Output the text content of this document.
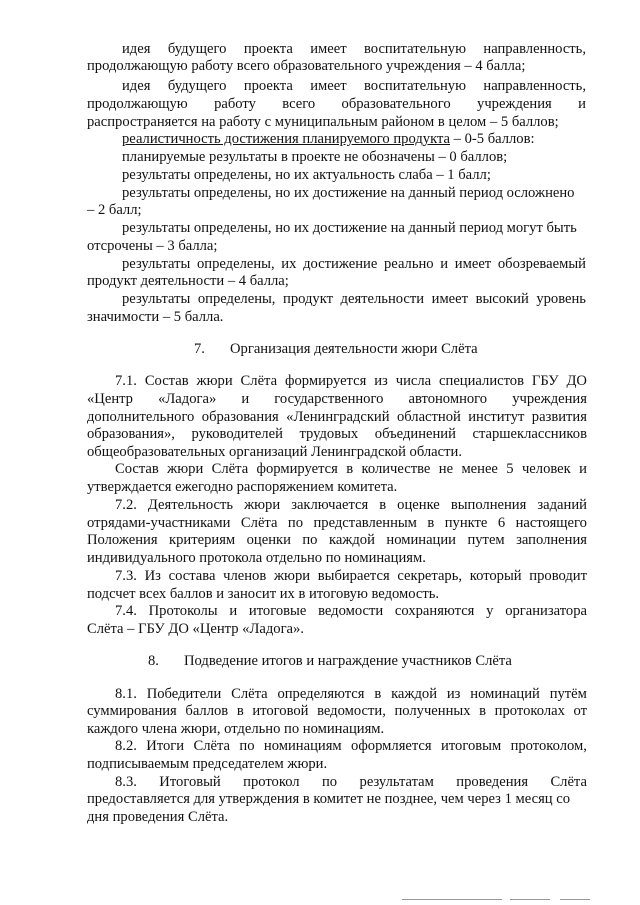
идея будущего проекта имеет воспитательную направленность,
продолжающую работу всего образовательного учреждения – 4 балла;
идея будущего проекта имеет воспитательную направленность,
продолжающую работу всего образовательного учреждения и
распространяется на работу с муниципальным районом в целом – 5 баллов;
реалистичность достижения планируемого продукта – 0-5 баллов:
планируемые результаты в проекте не обозначены – 0 баллов;
результаты определены, но их актуальность слаба – 1 балл;
результаты определены, но их достижение на данный период осложнено
– 2 балл;
результаты определены, но их достижение на данный период могут быть
отсрочены – 3 балла;
результаты определены, их достижение реально и имеет обозреваемый
продукт деятельности – 4 балла;
результаты определены, продукт деятельности имеет высокий уровень
значимости – 5 балла.
7. Организация деятельности жюри Слёта
7.1. Состав жюри Слёта формируется из числа специалистов ГБУ ДО
«Центр «Ладога» и государственного автономного учреждения
дополнительного образования «Ленинградский областной институт развития
образования», руководителей трудовых объединений старшеклассников
общеобразовательных организаций Ленинградской области.
Состав жюри Слёта формируется в количестве не менее 5 человек и
утверждается ежегодно распоряжением комитета.
7.2. Деятельность жюри заключается в оценке выполнения заданий
отрядами-участниками Слёта по представленным в пункте 6 настоящего
Положения критериям оценки по каждой номинации путем заполнения
индивидуального протокола отдельно по номинациям.
7.3. Из состава членов жюри выбирается секретарь, который проводит
подсчет всех баллов и заносит их в итоговую ведомость.
7.4. Протоколы и итоговые ведомости сохраняются у организатора
Слёта – ГБУ ДО «Центр «Ладога».
8. Подведение итогов и награждение участников Слёта
8.1. Победители Слёта определяются в каждой из номинаций путём
суммирования баллов в итоговой ведомости, полученных в протоколах от
каждого члена жюри, отдельно по номинациям.
8.2. Итоги Слёта по номинациям оформляется итоговым протоколом,
подписываемым председателем жюри.
8.3. Итоговый протокол по результатам проведения Слёта
предоставляется для утверждения в комитет не позднее, чем через 1 месяц со
дня проведения Слёта.
